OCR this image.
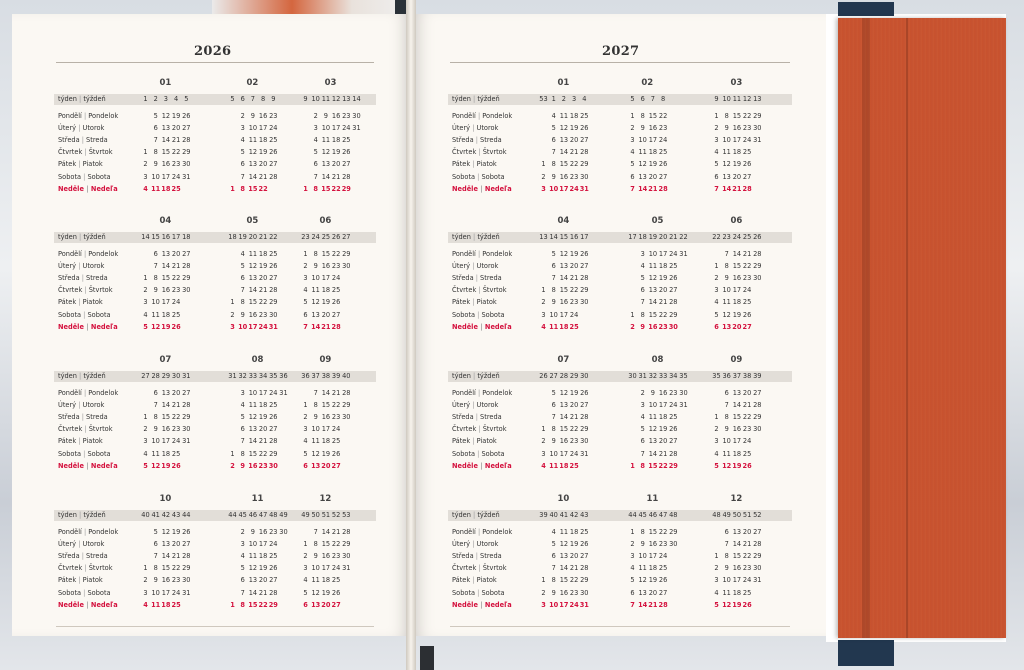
2026
týden | týždeň
Pondělí | Pondelok
Úterý | Utorok
Středa | Streda
Čtvrtek | Štvrtok
Pátek | Piatok
Sobota | Sobota
Neděle | Nedeľa
01
1 2 3 4 5
5 12 19 26
6 13 20 27
7 14 21 28
1 8 15 22 29
2 9 16 23 30
3 10 17 24 31
4 11 18 25
02
5 6 7 8 9
2 9 16 23
3 10 17 24
4 11 18 25
5 12 19 26
6 13 20 27
7 14 21 28
1 8 15 22
03
9 10 11 12 13 14
2 9 16 23 30
3 10 17 24 31
4 11 18 25
5 12 19 26
6 13 20 27
7 14 21 28
1 8 15 22 29
týden | týždeň
Pondělí | Pondelok
Úterý | Utorok
Středa | Streda
Čtvrtek | Štvrtok
Pátek | Piatok
Sobota | Sobota
Neděle | Nedeľa
04
14 15 16 17 18
6 13 20 27
7 14 21 28
1 8 15 22 29
2 9 16 23 30
3 10 17 24
4 11 18 25
5 12 19 26
05
18 19 20 21 22
4 11 18 25
5 12 19 26
6 13 20 27
7 14 21 28
1 8 15 22 29
2 9 16 23 30
3 10 17 24 31
06
23 24 25 26 27
1 8 15 22 29
2 9 16 23 30
3 10 17 24
4 11 18 25
5 12 19 26
6 13 20 27
7 14 21 28
týden | týždeň
Pondělí | Pondelok
Úterý | Utorok
Středa | Streda
Čtvrtek | Štvrtok
Pátek | Piatok
Sobota | Sobota
Neděle | Nedeľa
07
27 28 29 30 31
6 13 20 27
7 14 21 28
1 8 15 22 29
2 9 16 23 30
3 10 17 24 31
4 11 18 25
5 12 19 26
08
31 32 33 34 35 36
3 10 17 24 31
4 11 18 25
5 12 19 26
6 13 20 27
7 14 21 28
1 8 15 22 29
2 9 16 23 30
09
36 37 38 39 40
7 14 21 28
1 8 15 22 29
2 9 16 23 30
3 10 17 24
4 11 18 25
5 12 19 26
6 13 20 27
týden | týždeň
Pondělí | Pondelok
Úterý | Utorok
Středa | Streda
Čtvrtek | Štvrtok
Pátek | Piatok
Sobota | Sobota
Neděle | Nedeľa
10
40 41 42 43 44
5 12 19 26
6 13 20 27
7 14 21 28
1 8 15 22 29
2 9 16 23 30
3 10 17 24 31
4 11 18 25
11
44 45 46 47 48 49
2 9 16 23 30
3 10 17 24
4 11 18 25
5 12 19 26
6 13 20 27
7 14 21 28
1 8 15 22 29
12
49 50 51 52 53
7 14 21 28
1 8 15 22 29
2 9 16 23 30
3 10 17 24 31
4 11 18 25
5 12 19 26
6 13 20 27
2027
týden | týždeň
Pondělí | Pondelok
Úterý | Utorok
Středa | Streda
Čtvrtek | Štvrtok
Pátek | Piatok
Sobota | Sobota
Neděle | Nedeľa
01
53 1 2 3 4
4 11 18 25
5 12 19 26
6 13 20 27
7 14 21 28
1 8 15 22 29
2 9 16 23 30
3 10 17 24 31
02
5 6 7 8
1 8 15 22
2 9 16 23
3 10 17 24
4 11 18 25
5 12 19 26
6 13 20 27
7 14 21 28
03
9 10 11 12 13
1 8 15 22 29
2 9 16 23 30
3 10 17 24 31
4 11 18 25
5 12 19 26
6 13 20 27
7 14 21 28
týden | týždeň
Pondělí | Pondelok
Úterý | Utorok
Středa | Streda
Čtvrtek | Štvrtok
Pátek | Piatok
Sobota | Sobota
Neděle | Nedeľa
04
13 14 15 16 17
5 12 19 26
6 13 20 27
7 14 21 28
1 8 15 22 29
2 9 16 23 30
3 10 17 24
4 11 18 25
05
17 18 19 20 21 22
3 10 17 24 31
4 11 18 25
5 12 19 26
6 13 20 27
7 14 21 28
1 8 15 22 29
2 9 16 23 30
06
22 23 24 25 26
7 14 21 28
1 8 15 22 29
2 9 16 23 30
3 10 17 24
4 11 18 25
5 12 19 26
6 13 20 27
týden | týždeň
Pondělí | Pondelok
Úterý | Utorok
Středa | Streda
Čtvrtek | Štvrtok
Pátek | Piatok
Sobota | Sobota
Neděle | Nedeľa
07
26 27 28 29 30
5 12 19 26
6 13 20 27
7 14 21 28
1 8 15 22 29
2 9 16 23 30
3 10 17 24 31
4 11 18 25
08
30 31 32 33 34 35
2 9 16 23 30
3 10 17 24 31
4 11 18 25
5 12 19 26
6 13 20 27
7 14 21 28
1 8 15 22 29
09
35 36 37 38 39
6 13 20 27
7 14 21 28
1 8 15 22 29
2 9 16 23 30
3 10 17 24
4 11 18 25
5 12 19 26
týden | týždeň
Pondělí | Pondelok
Úterý | Utorok
Středa | Streda
Čtvrtek | Štvrtok
Pátek | Piatok
Sobota | Sobota
Neděle | Nedeľa
10
39 40 41 42 43
4 11 18 25
5 12 19 26
6 13 20 27
7 14 21 28
1 8 15 22 29
2 9 16 23 30
3 10 17 24 31
11
44 45 46 47 48
1 8 15 22 29
2 9 16 23 30
3 10 17 24
4 11 18 25
5 12 19 26
6 13 20 27
7 14 21 28
12
48 49 50 51 52
6 13 20 27
7 14 21 28
1 8 15 22 29
2 9 16 23 30
3 10 17 24 31
4 11 18 25
5 12 19 26
